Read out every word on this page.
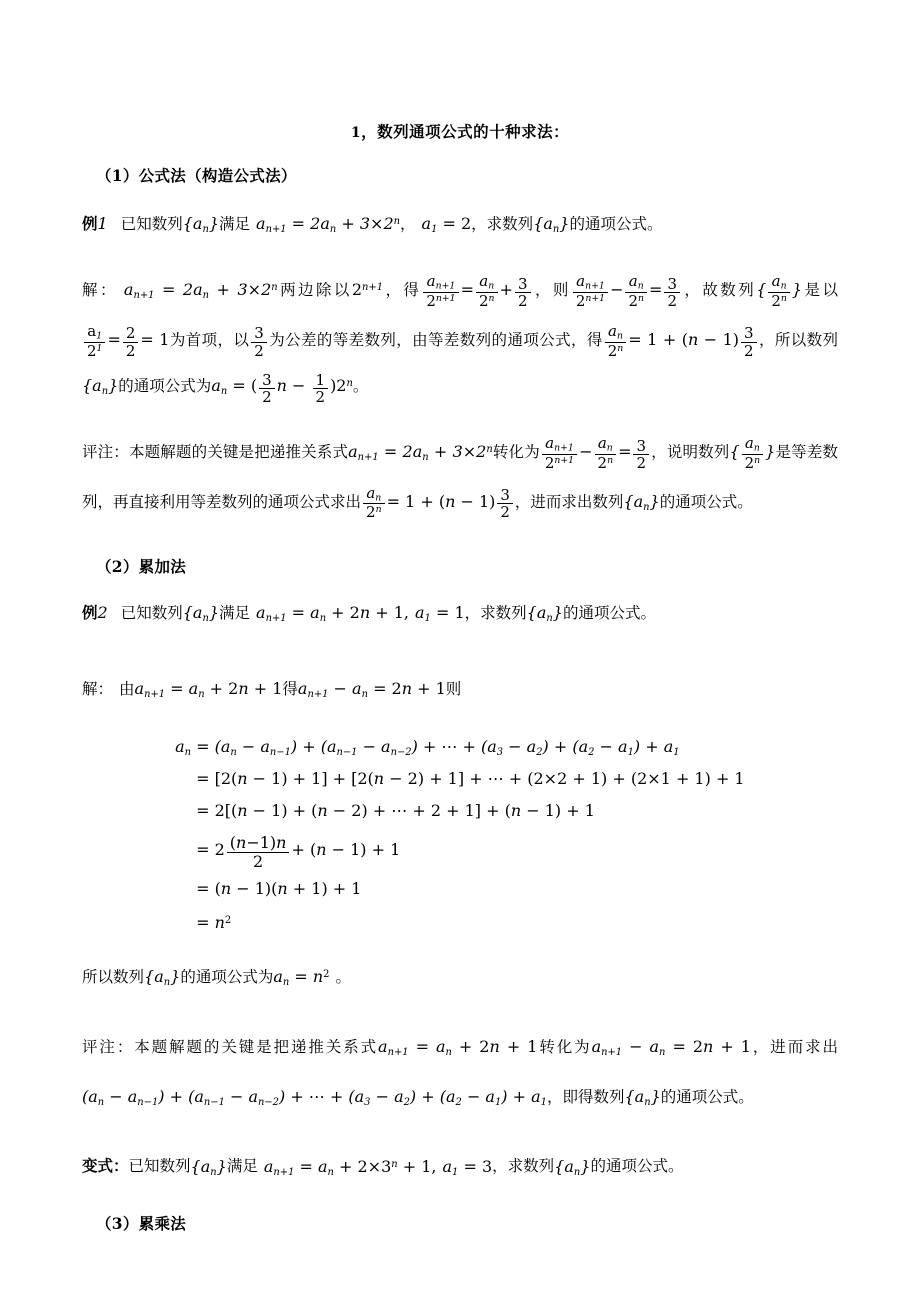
1，数列通项公式的十种求法：
（1）公式法（构造公式法）
例1 已知数列$\{a_n\}$满足 $a_{n+1} = 2a_n + 3\times 2^n$， $a_1 = 2$，求数列$\{a_n\}$的通项公式。
解： $a_{n+1} = 2a_n + 3\times 2^n$两边除以$2^{n+1}$，得 $\frac{a_{n+1}}{2^{n+1}} = \frac{a_n}{2^n} + \frac{3}{2}$ ，则 $\frac{a_{n+1}}{2^{n+1}} - \frac{a_n}{2^n} = \frac{3}{2}$ ，故数列{ $\frac{a_n}{2^n}$ }是以
$\frac{a_1}{2^1} = \frac{2}{2} = 1$为首项，以 $\frac{3}{2}$ 为公差的等差数列，由等差数列的通项公式，得 $\frac{a_n}{2^n} = 1 + (n - 1) \frac{3}{2}$ ，所以数列$\{a_n\}$的通项公式为$a_n$ = ( $\frac{3}{2}$ $n - \frac{1}{2} )2^n$。
评注：本题解题的关键是把递推关系式$a_{n+1} = 2a_n + 3\times 2^n$转化为 $\frac{a_{n+1}}{2^{n+1}} - \frac{a_n}{2^n} = \frac{3}{2}$ ，说明数列{ $\frac{a_n}{2^n}$ }是等差数列，再直接利用等差数列的通项公式求出 $\frac{a_n}{2^n} = 1 + (n - 1) \frac{3}{2}$ ，进而求出数列$\{a_n\}$的通项公式。
（2）累加法
例2 已知数列$\{a_n\}$满足 $a_{n+1} = a_n + 2n + 1$, $a_1 = 1$，求数列$\{a_n\}$的通项公式。
解： 由$a_{n+1} = a_n + 2n + 1$得$a_{n+1} - a_n = 2n + 1$则
$a_n = (a_n - a_{n-1}) + (a_{n-1} - a_{n-2})$ + ⋯ + $(a_3 - a_2) + (a_2 - a_1) + a_1$
= [2(n − 1) + 1] + [2(n − 2) + 1] + ⋯ + (2×2 + 1) + (2×1 + 1) + 1
= 2[(n − 1) + (n − 2) + ⋯ + 2 + 1] + (n − 1) + 1
= $2 \frac{(n-1)n}{2} + (n - 1) + 1$
= (n − 1)(n + 1) + 1
= $n^2$
所以数列$\{a_n\}$的通项公式为$a_n = n^2$ 。
评注：本题解题的关键是把递推关系式$a_{n+1} = a_n + 2n + 1$转化为$a_{n+1} - a_n = 2n + 1$，进而求出$(a_n - a_{n-1}) + (a_{n-1} - a_{n-2})$ + ⋯ + $(a_3 - a_2) + (a_2 - a_1) + a_1$，即得数列$\{a_n\}$的通项公式。
变式：已知数列$\{a_n\}$满足 $a_{n+1} = a_n + 2\times 3^n + 1$, $a_1 = 3$，求数列$\{a_n\}$的通项公式。
（3）累乘法
